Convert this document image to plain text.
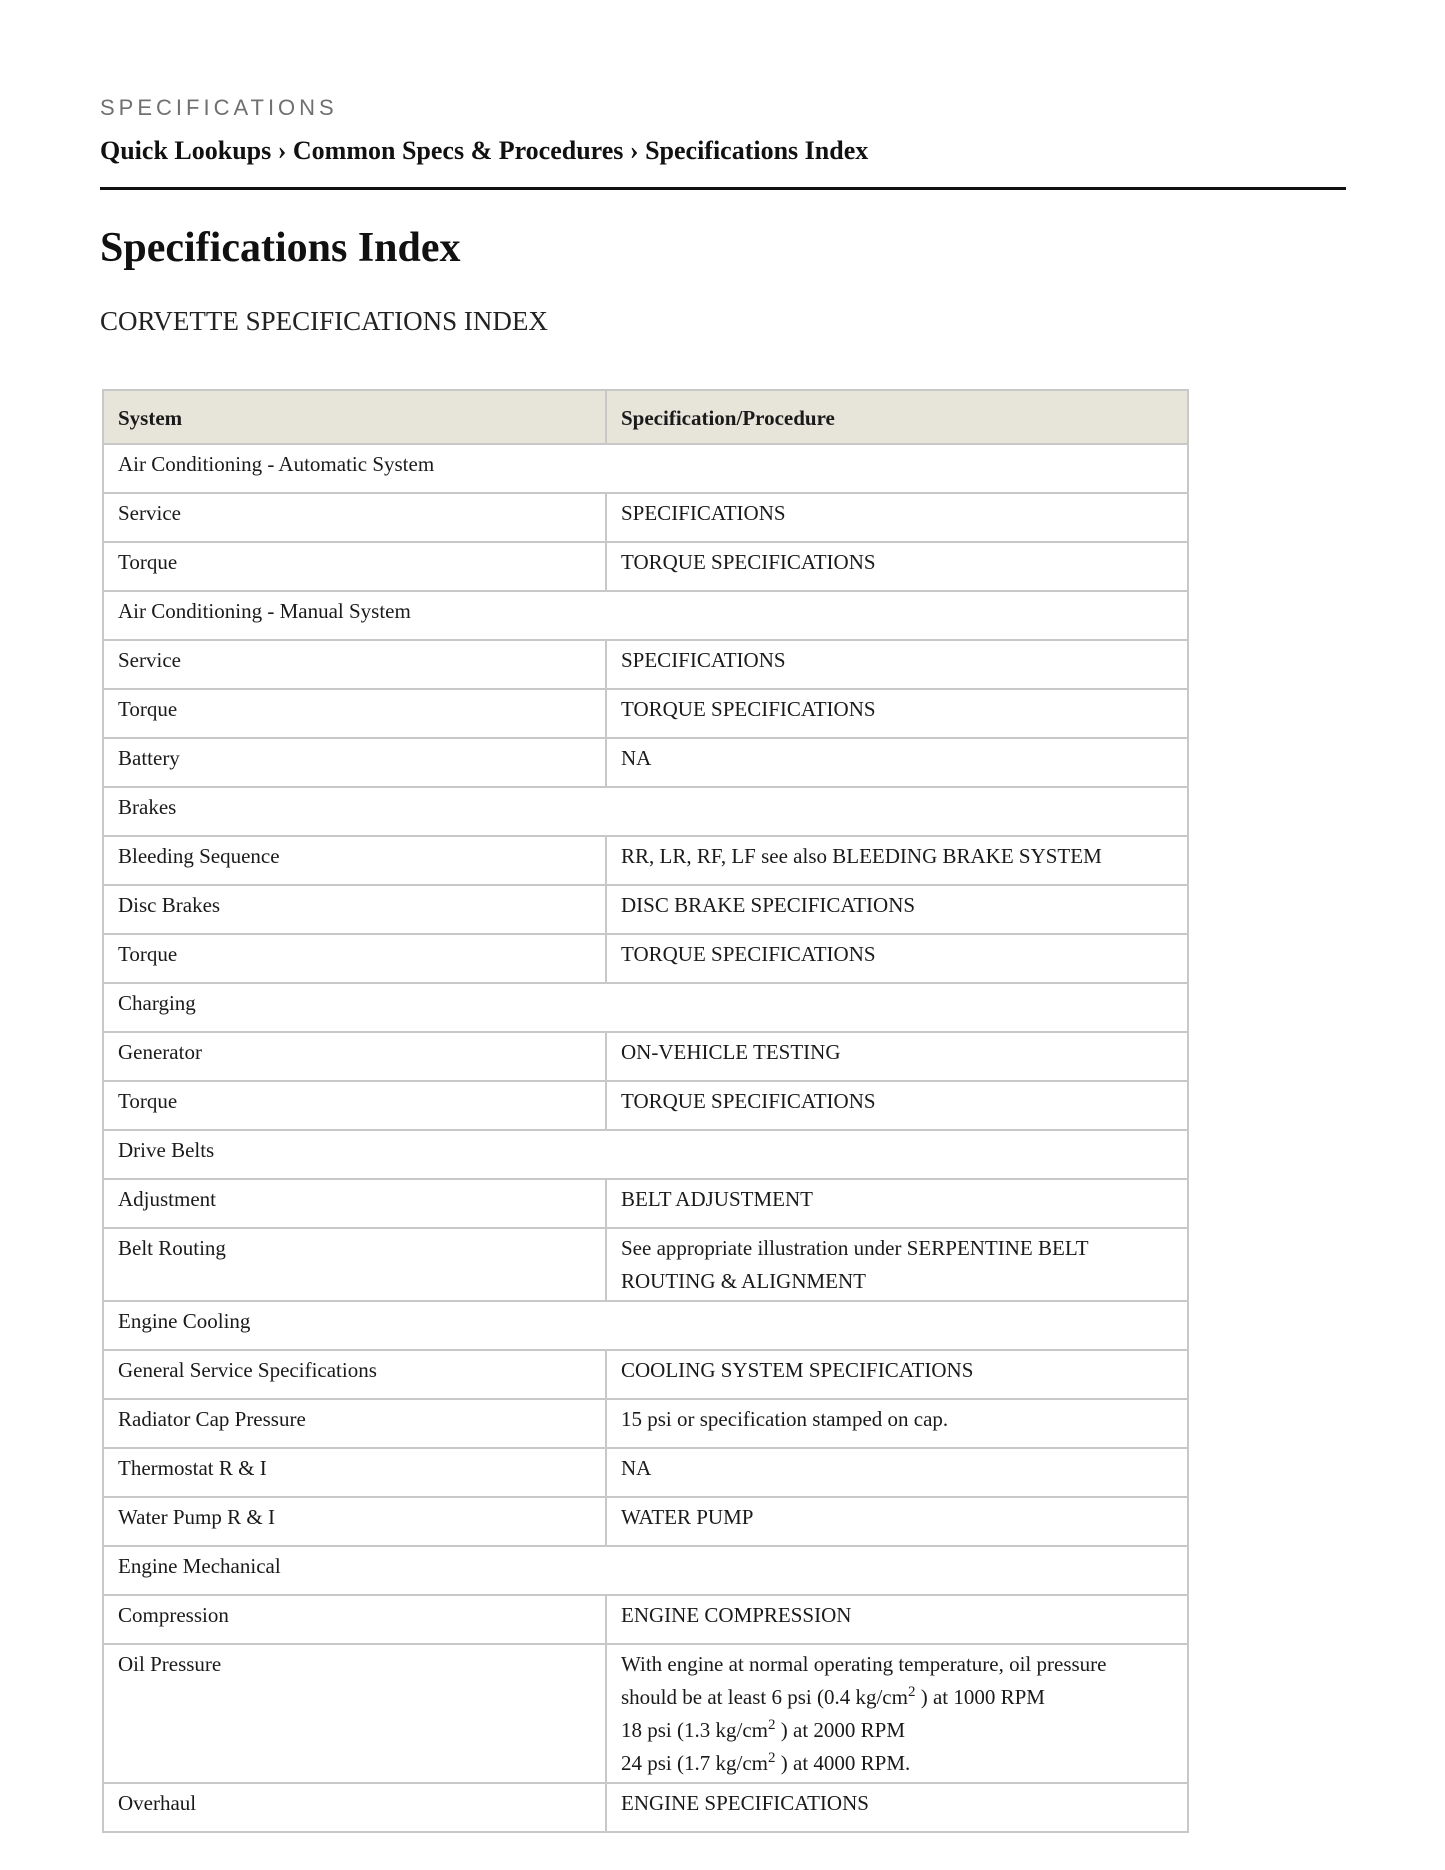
SPECIFICATIONS
Quick Lookups › Common Specs & Procedures › Specifications Index
Specifications Index
CORVETTE SPECIFICATIONS INDEX
System	Specification/Procedure
Air Conditioning - Automatic System	
Service	SPECIFICATIONS
Torque	TORQUE SPECIFICATIONS
Air Conditioning - Manual System	
Service	SPECIFICATIONS
Torque	TORQUE SPECIFICATIONS
Battery	NA
Brakes	
Bleeding Sequence	RR, LR, RF, LF see also BLEEDING BRAKE SYSTEM
Disc Brakes	DISC BRAKE SPECIFICATIONS
Torque	TORQUE SPECIFICATIONS
Charging	
Generator	ON-VEHICLE TESTING
Torque	TORQUE SPECIFICATIONS
Drive Belts	
Adjustment	BELT ADJUSTMENT
Belt Routing	See appropriate illustration under SERPENTINE BELT ROUTING & ALIGNMENT
Engine Cooling	
General Service Specifications	COOLING SYSTEM SPECIFICATIONS
Radiator Cap Pressure	15 psi or specification stamped on cap.
Thermostat R & I	NA
Water Pump R & I	WATER PUMP
Engine Mechanical	
Compression	ENGINE COMPRESSION
Oil Pressure	With engine at normal operating temperature, oil pressure
should be at least 6 psi (0.4 $kg/cm^2$ ) at 1000 RPM
18 psi (1.3 $kg/cm^2$ ) at 2000 RPM
24 psi (1.7 $kg/cm^2$ ) at 4000 RPM.

Overhaul	ENGINE SPECIFICATIONS
